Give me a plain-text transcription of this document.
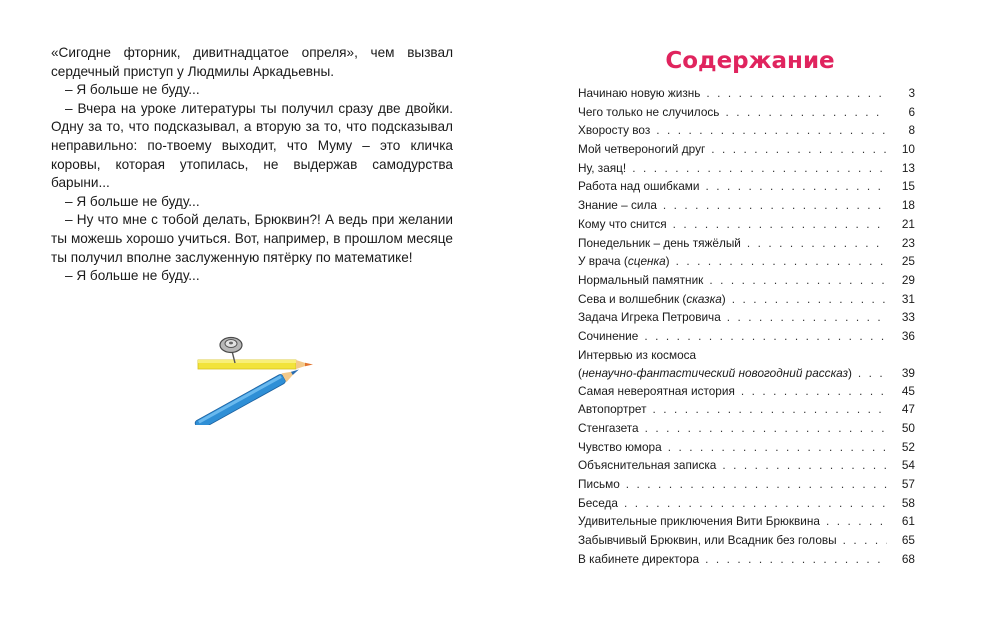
«Сигодне фторник, дивитнадцатое опреля», чем вызвал сердечный приступ у Людмилы Аркадьевны.

– Я больше не буду...

– Вчера на уроке литературы ты получил сразу две двойки. Одну за то, что подсказывал, а вторую за то, что подсказывал неправильно: по-твоему выходит, что Муму – это кличка коровы, которая утопилась, не выдержав самодурства барыни...

– Я больше не буду...

– Ну что мне с тобой делать, Брюквин?! А ведь при желании ты можешь хорошо учиться. Вот, например, в прошлом месяце ты получил вполне заслуженную пятёрку по математике!

– Я больше не буду...

Содержание
Начинаю новую жизнь . . .	3
Чего только не случилось . . .	6
Хворосту воз . . .	8
Мой четвероногий друг . . .	10
Ну, заяц! . . .	13
Работа над ошибками . . .	15
Знание – сила . . .	18
Кому что снится . . .	21
Понедельник – день тяжёлый . . .	23
У врача (сценка) . . .	25
Нормальный памятник . . .	29
Сева и волшебник (сказка) . . .	31
Задача Игрека Петровича . . .	33
Сочинение . . .	36
Интервью из космоса
(ненаучно-фантастический новогодний рассказ) . . .	39
Самая невероятная история . . .	45
Автопортрет . . .	47
Стенгазета . . .	50
Чувство юмора . . .	52
Объяснительная записка . . .	54
Письмо . . .	57
Беседа . . .	58
Удивительные приключения Вити Брюквина . . .	61
Забывчивый Брюквин, или Всадник без головы . . .	65
В кабинете директора . . .	68
